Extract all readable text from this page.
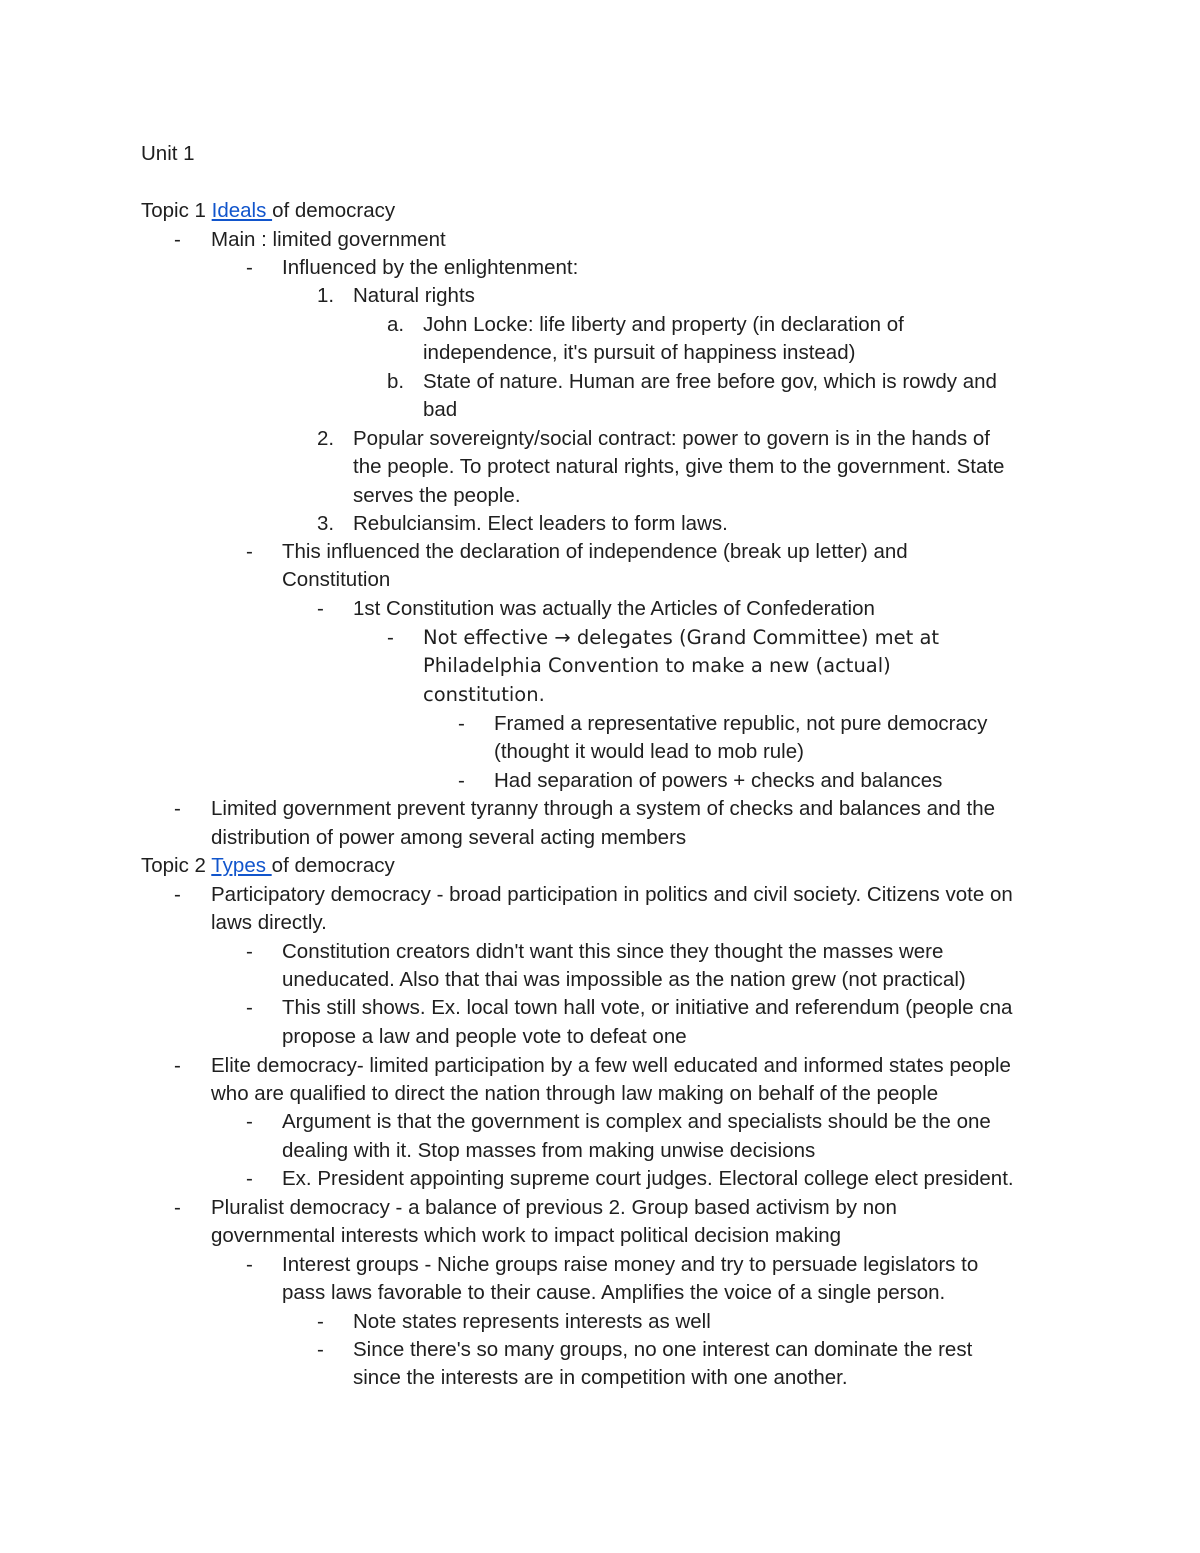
Unit 1
Topic 1 Ideals of democracy
- Main : limited government
- Influenced by the enlightenment:
1. Natural rights
a. John Locke: life liberty and property (in declaration of
independence, it's pursuit of happiness instead)
b. State of nature. Human are free before gov, which is rowdy and
bad
2. Popular sovereignty/social contract: power to govern is in the hands of
the people. To protect natural rights, give them to the government. State
serves the people.
3. Rebulciansim. Elect leaders to form laws.
- This influenced the declaration of independence (break up letter) and
Constitution
- 1st Constitution was actually the Articles of Confederation
- Not effective → delegates (Grand Committee) met at
Philadelphia Convention to make a new (actual)
constitution.
- Framed a representative republic, not pure democracy
(thought it would lead to mob rule)
- Had separation of powers + checks and balances
- Limited government prevent tyranny through a system of checks and balances and the
distribution of power among several acting members
Topic 2 Types of democracy
- Participatory democracy - broad participation in politics and civil society. Citizens vote on
laws directly.
- Constitution creators didn't want this since they thought the masses were
uneducated. Also that thai was impossible as the nation grew (not practical)
- This still shows. Ex. local town hall vote, or initiative and referendum (people cna
propose a law and people vote to defeat one
- Elite democracy- limited participation by a few well educated and informed states people
who are qualified to direct the nation through law making on behalf of the people
- Argument is that the government is complex and specialists should be the one
dealing with it. Stop masses from making unwise decisions
- Ex. President appointing supreme court judges. Electoral college elect president.
- Pluralist democracy - a balance of previous 2. Group based activism by non
governmental interests which work to impact political decision making
- Interest groups - Niche groups raise money and try to persuade legislators to
pass laws favorable to their cause. Amplifies the voice of a single person.
- Note states represents interests as well
- Since there's so many groups, no one interest can dominate the rest
since the interests are in competition with one another.
